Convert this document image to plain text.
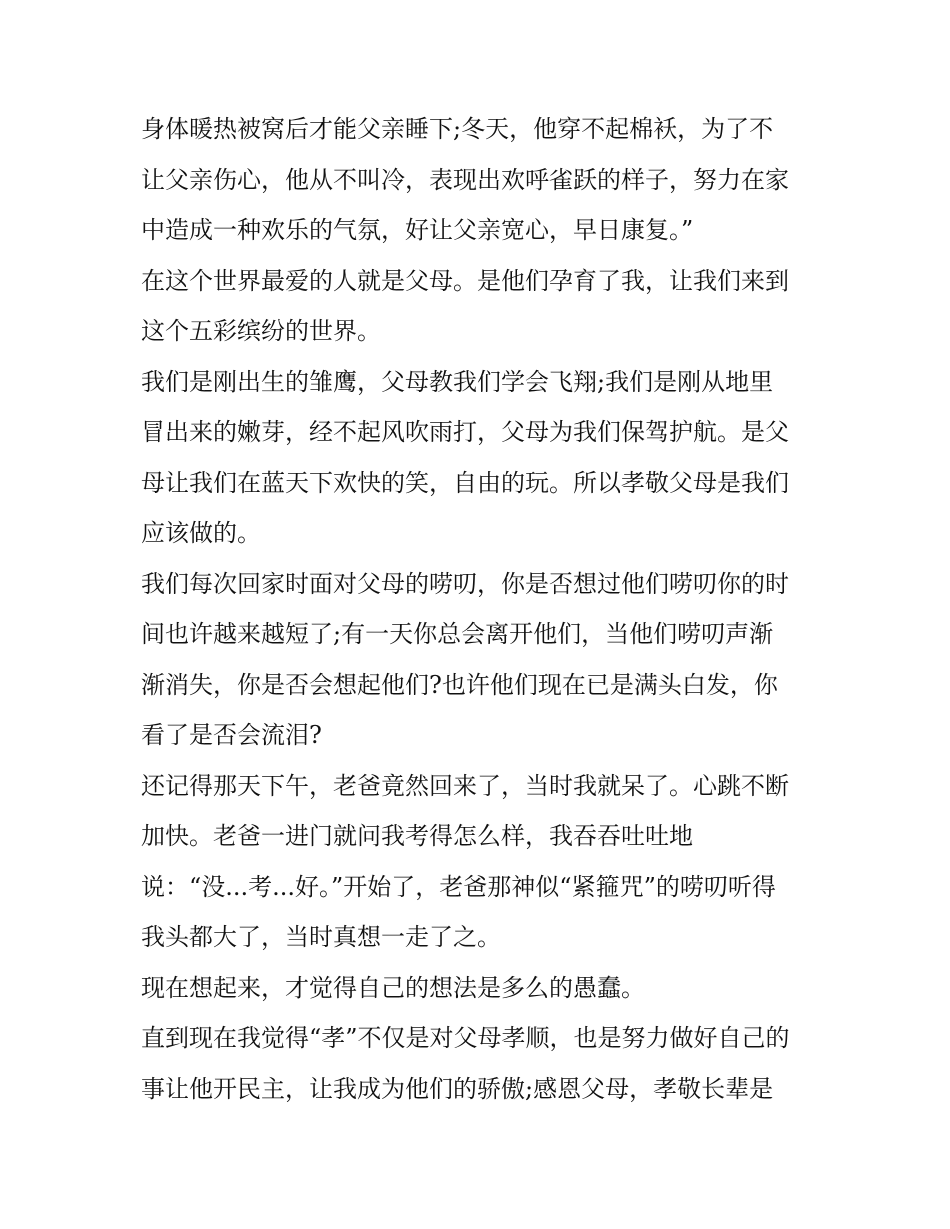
身体暖热被窝后才能父亲睡下;冬天，他穿不起棉袄，为了不
让父亲伤心，他从不叫冷，表现出欢呼雀跃的样子，努力在家
中造成一种欢乐的气氛，好让父亲宽心，早日康复。”
在这个世界最爱的人就是父母。是他们孕育了我，让我们来到
这个五彩缤纷的世界。
我们是刚出生的雏鹰，父母教我们学会飞翔;我们是刚从地里
冒出来的嫩芽，经不起风吹雨打，父母为我们保驾护航。是父
母让我们在蓝天下欢快的笑，自由的玩。所以孝敬父母是我们
应该做的。
我们每次回家时面对父母的唠叨，你是否想过他们唠叨你的时
间也许越来越短了;有一天你总会离开他们，当他们唠叨声渐
渐消失，你是否会想起他们?也许他们现在已是满头白发，你
看了是否会流泪?
还记得那天下午，老爸竟然回来了，当时我就呆了。心跳不断
加快。老爸一进门就问我考得怎么样，我吞吞吐吐地
说：“没...考...好。”开始了，老爸那神似“紧箍咒”的唠叨听得
我头都大了，当时真想一走了之。
现在想起来，才觉得自己的想法是多么的愚蠢。
直到现在我觉得“孝”不仅是对父母孝顺，也是努力做好自己的
事让他开民主，让我成为他们的骄傲;感恩父母，孝敬长辈是
